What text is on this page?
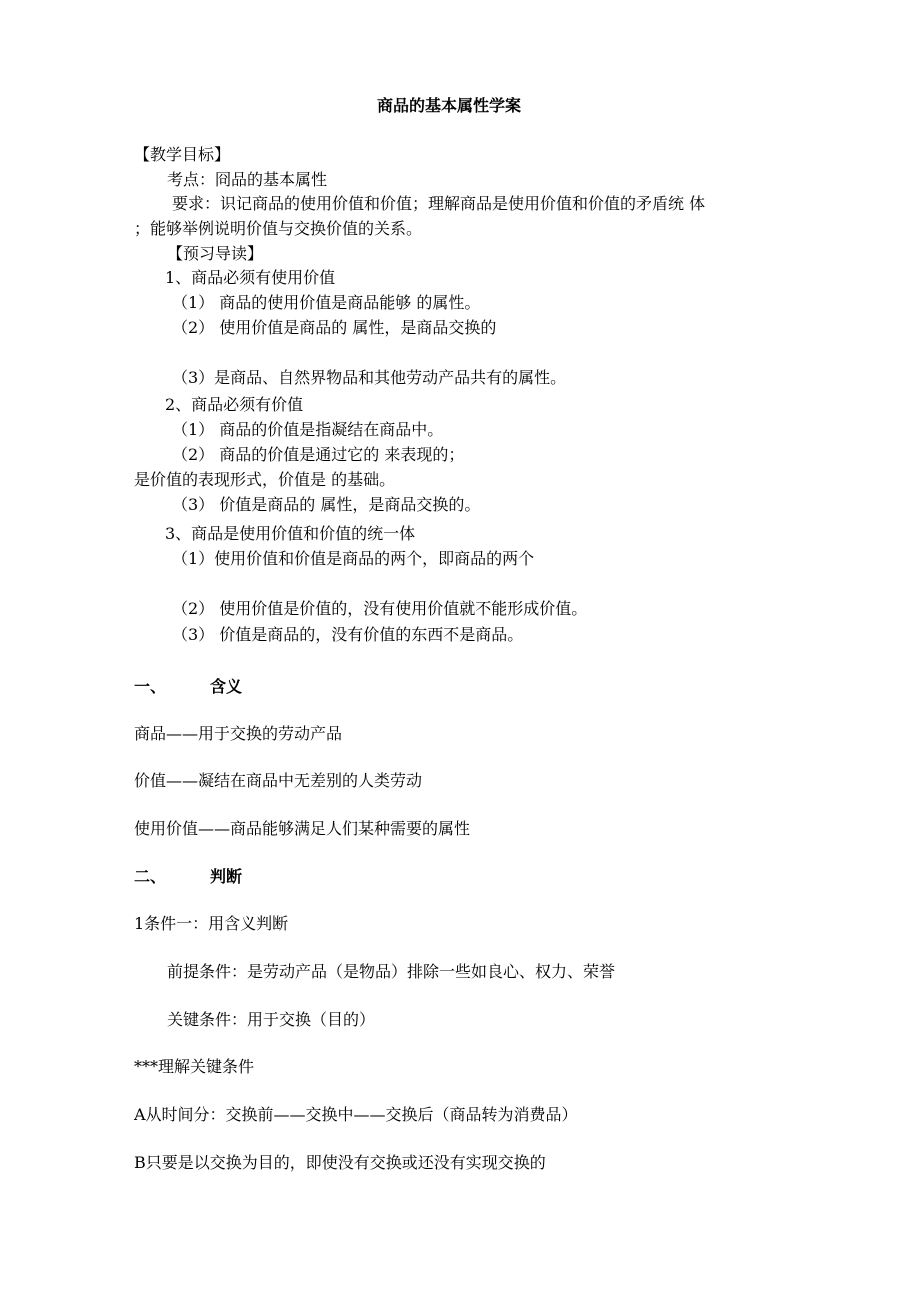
商品的基本属性学案
【教学目标】
考点：冏品的基本属性
要求：识记商品的使用价值和价值；理解商品是使用价值和价值的矛盾统 体
；能够举例说明价值与交换价值的关系。
【预习导读】
1、商品必须有使用价值
（1） 商品的使用价值是商品能够 的属性。
（2） 使用价值是商品的 属性，是商品交换的
（3）是商品、自然界物品和其他劳动产品共有的属性。
2、商品必须有价值
（1） 商品的价值是指凝结在商品中。
（2） 商品的价值是通过它的 来表现的；
是价值的表现形式，价值是 的基础。
（3） 价值是商品的 属性，是商品交换的。
3、商品是使用价值和价值的统一体
（1）使用价值和价值是商品的两个，即商品的两个
（2） 使用价值是价值的，没有使用价值就不能形成价值。
（3） 价值是商品的，没有价值的东西不是商品。
一、	含义
商品——用于交换的劳动产品
价值——凝结在商品中无差别的人类劳动
使用价值——商品能够满足人们某种需要的属性
二、	判断
1条件一：用含义判断
前提条件：是劳动产品（是物品）排除一些如良心、权力、荣誉
关键条件：用于交换（目的）
***理解关键条件
A从时间分：交换前——交换中——交换后（商品转为消费品）
B只要是以交换为目的，即使没有交换或还没有实现交换的
